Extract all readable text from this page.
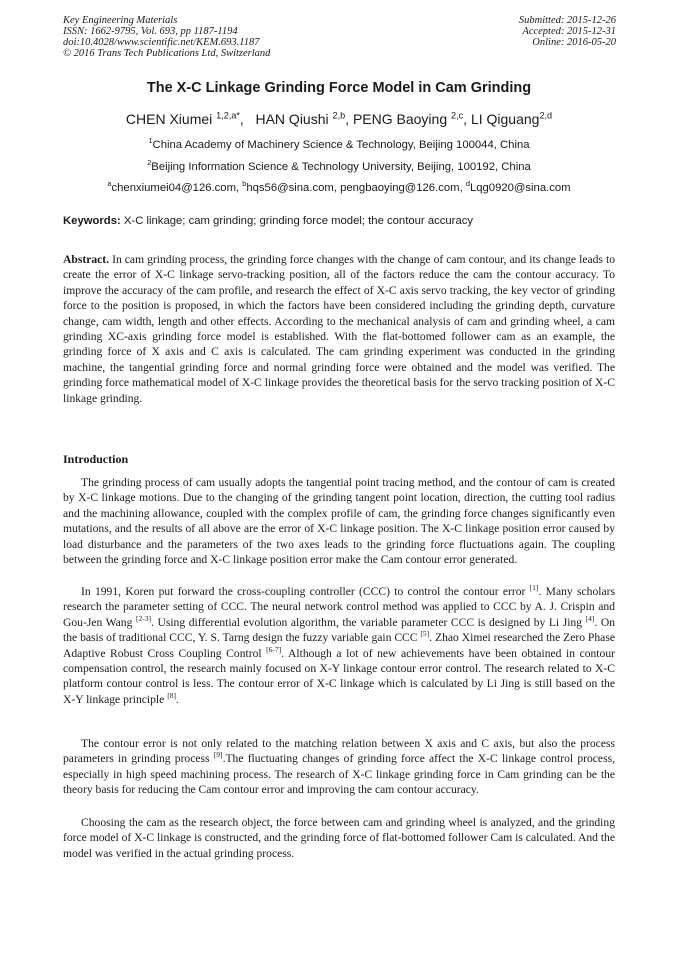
Key Engineering Materials
ISSN: 1662-9795, Vol. 693, pp 1187-1194
doi:10.4028/www.scientific.net/KEM.693.1187
© 2016 Trans Tech Publications Ltd, Switzerland
Submitted: 2015-12-26
Accepted: 2015-12-31
Online: 2016-05-20
The X-C Linkage Grinding Force Model in Cam Grinding
CHEN Xiumei $^{1,2,a*}$,   HAN Qiushi $^{2,b}$, PENG Baoying $^{2,c}$, LI Qiguang$^{2,d}$
$^1$China Academy of Machinery Science & Technology, Beijing 100044, China
$^2$Beijing Information Science & Technology University, Beijing, 100192, China
$^a$chenxiumei04@126.com, $^b$hqs56@sina.com, pengbaoying@126.com, $^d$Lqg0920@sina.com
Keywords: X-C linkage; cam grinding; grinding force model; the contour accuracy
Abstract. In cam grinding process, the grinding force changes with the change of cam contour, and its change leads to create the error of X-C linkage servo-tracking position, all of the factors reduce the cam the contour accuracy. To improve the accuracy of the cam profile, and research the effect of X-C axis servo tracking, the key vector of grinding force to the position is proposed, in which the factors have been considered including the grinding depth, curvature change, cam width, length and other effects. According to the mechanical analysis of cam and grinding wheel, a cam grinding XC-axis grinding force model is established. With the flat-bottomed follower cam as an example, the grinding force of X axis and C axis is calculated. The cam grinding experiment was conducted in the grinding machine, the tangential grinding force and normal grinding force were obtained and the model was verified. The grinding force mathematical model of X-C linkage provides the theoretical basis for the servo tracking position of X-C linkage grinding.
Introduction
The grinding process of cam usually adopts the tangential point tracing method, and the contour of cam is created by X-C linkage motions. Due to the changing of the grinding tangent point location, direction, the cutting tool radius and the machining allowance, coupled with the complex profile of cam, the grinding force changes significantly even mutations, and the results of all above are the error of X-C linkage position. The X-C linkage position error caused by load disturbance and the parameters of the two axes leads to the grinding force fluctuations again. The coupling between the grinding force and X-C linkage position error make the Cam contour error generated.
In 1991, Koren put forward the cross-coupling controller (CCC) to control the contour error [1]. Many scholars research the parameter setting of CCC. The neural network control method was applied to CCC by A. J. Crispin and Gou-Jen Wang [2-3]. Using differential evolution algorithm, the variable parameter CCC is designed by Li Jing [4]. On the basis of traditional CCC, Y. S. Tarng design the fuzzy variable gain CCC [5]. Zhao Ximei researched the Zero Phase Adaptive Robust Cross Coupling Control [6-7]. Although a lot of new achievements have been obtained in contour compensation control, the research mainly focused on X-Y linkage contour error control. The research related to X-C platform contour control is less. The contour error of X-C linkage which is calculated by Li Jing is still based on the X-Y linkage principle [8].
The contour error is not only related to the matching relation between X axis and C axis, but also the process parameters in grinding process [9].The fluctuating changes of grinding force affect the X-C linkage control process, especially in high speed machining process. The research of X-C linkage grinding force in Cam grinding can be the theory basis for reducing the Cam contour error and improving the cam contour accuracy.
Choosing the cam as the research object, the force between cam and grinding wheel is analyzed, and the grinding force model of X-C linkage is constructed, and the grinding force of flat-bottomed follower Cam is calculated. And the model was verified in the actual grinding process.
